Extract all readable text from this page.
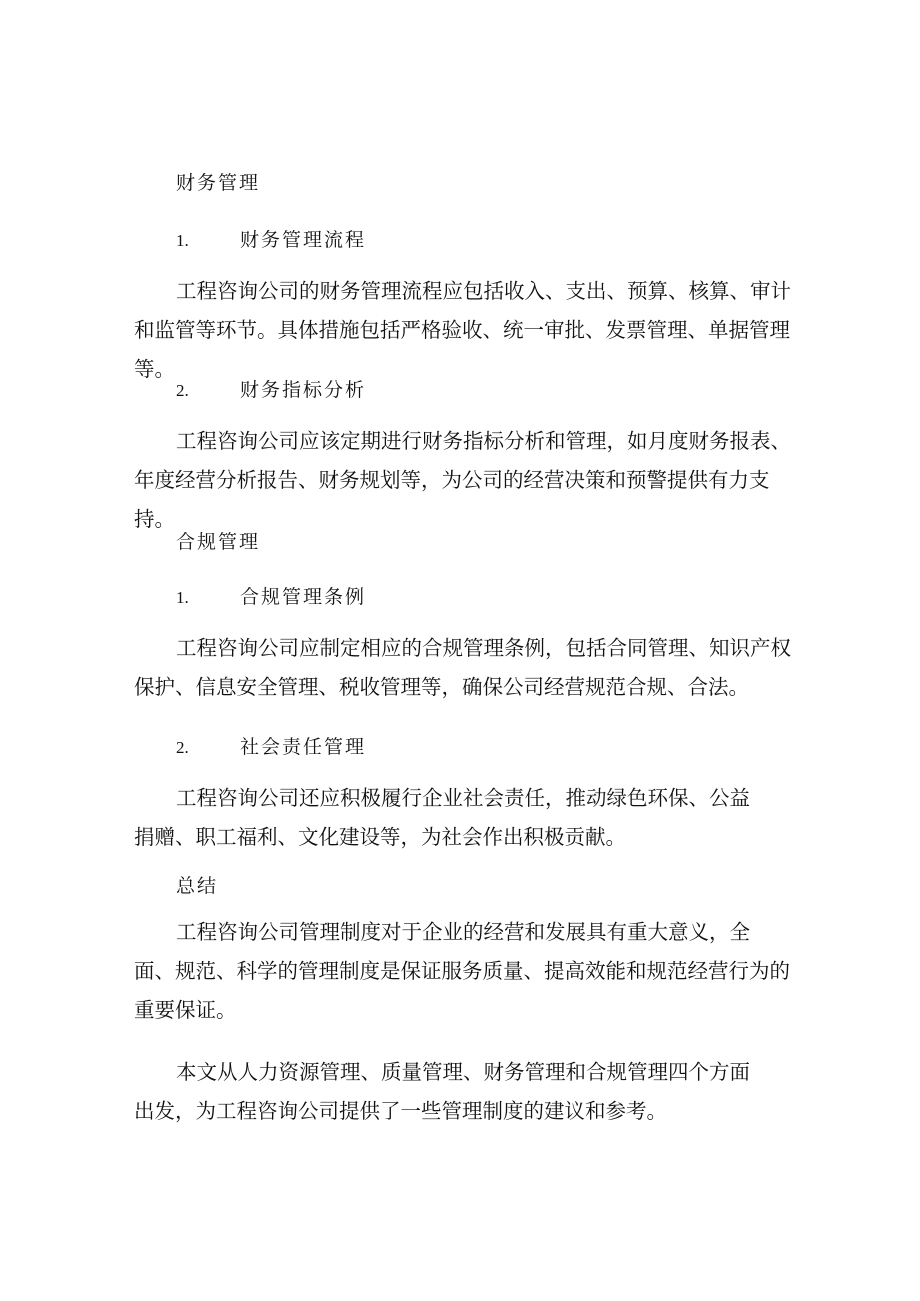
财务管理
1.	财务管理流程

工程咨询公司的财务管理流程应包括收入、支出、预算、核算、审计和监管等环节。具体措施包括严格验收、统一审批、发票管理、单据管理等。

2.	财务指标分析

工程咨询公司应该定期进行财务指标分析和管理，如月度财务报表、年度经营分析报告、财务规划等，为公司的经营决策和预警提供有力支持。

合规管理
1.	合规管理条例

工程咨询公司应制定相应的合规管理条例，包括合同管理、知识产权保护、信息安全管理、税收管理等，确保公司经营规范合规、合法。

2.	社会责任管理

工程咨询公司还应积极履行企业社会责任，推动绿色环保、公益捐赠、职工福利、文化建设等，为社会作出积极贡献。

总结

工程咨询公司管理制度对于企业的经营和发展具有重大意义，全面、规范、科学的管理制度是保证服务质量、提高效能和规范经营行为的重要保证。

本文从人力资源管理、质量管理、财务管理和合规管理四个方面出发，为工程咨询公司提供了一些管理制度的建议和参考。
